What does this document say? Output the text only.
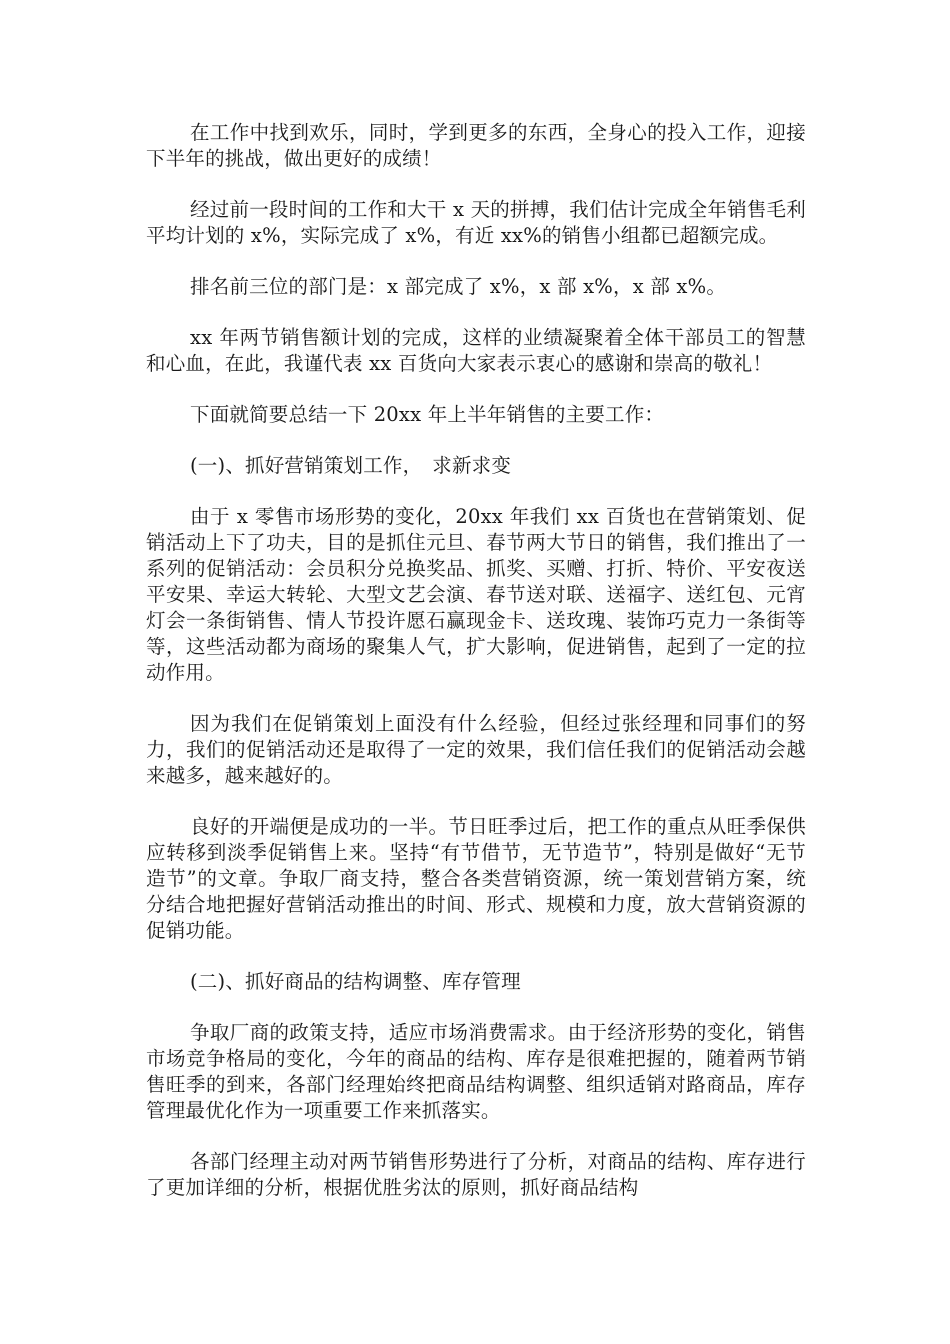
在工作中找到欢乐，同时，学到更多的东西，全身心的投入工作，迎接下半年的挑战，做出更好的成绩！

经过前一段时间的工作和大干 x 天的拼搏，我们估计完成全年销售毛利平均计划的 x%，实际完成了 x%，有近 xx%的销售小组都已超额完成。

排名前三位的部门是：x 部完成了 x%，x 部 x%，x 部 x%。

xx 年两节销售额计划的完成，这样的业绩凝聚着全体干部员工的智慧和心血，在此，我谨代表 xx 百货向大家表示衷心的感谢和崇高的敬礼！

下面就简要总结一下 20xx 年上半年销售的主要工作：

(一)、抓好营销策划工作，　求新求变

由于 x 零售市场形势的变化，20xx 年我们 xx 百货也在营销策划、促销活动上下了功夫，目的是抓住元旦、春节两大节日的销售，我们推出了一系列的促销活动：会员积分兑换奖品、抓奖、买赠、打折、特价、平安夜送平安果、幸运大转轮、大型文艺会演、春节送对联、送福字、送红包、元宵灯会一条街销售、情人节投许愿石赢现金卡、送玫瑰、装饰巧克力一条街等等，这些活动都为商场的聚集人气，扩大影响，促进销售，起到了一定的拉动作用。

因为我们在促销策划上面没有什么经验，但经过张经理和同事们的努力，我们的促销活动还是取得了一定的效果，我们信任我们的促销活动会越来越多，越来越好的。

良好的开端便是成功的一半。节日旺季过后，把工作的重点从旺季保供应转移到淡季促销售上来。坚持“有节借节，无节造节”，特别是做好“无节造节”的文章。争取厂商支持，整合各类营销资源，统一策划营销方案，统分结合地把握好营销活动推出的时间、形式、规模和力度，放大营销资源的促销功能。

(二)、抓好商品的结构调整、库存管理

争取厂商的政策支持，适应市场消费需求。由于经济形势的变化，销售市场竞争格局的变化，今年的商品的结构、库存是很难把握的，随着两节销售旺季的到来，各部门经理始终把商品结构调整、组织适销对路商品，库存管理最优化作为一项重要工作来抓落实。

各部门经理主动对两节销售形势进行了分析，对商品的结构、库存进行了更加详细的分析，根据优胜劣汰的原则，抓好商品结构
